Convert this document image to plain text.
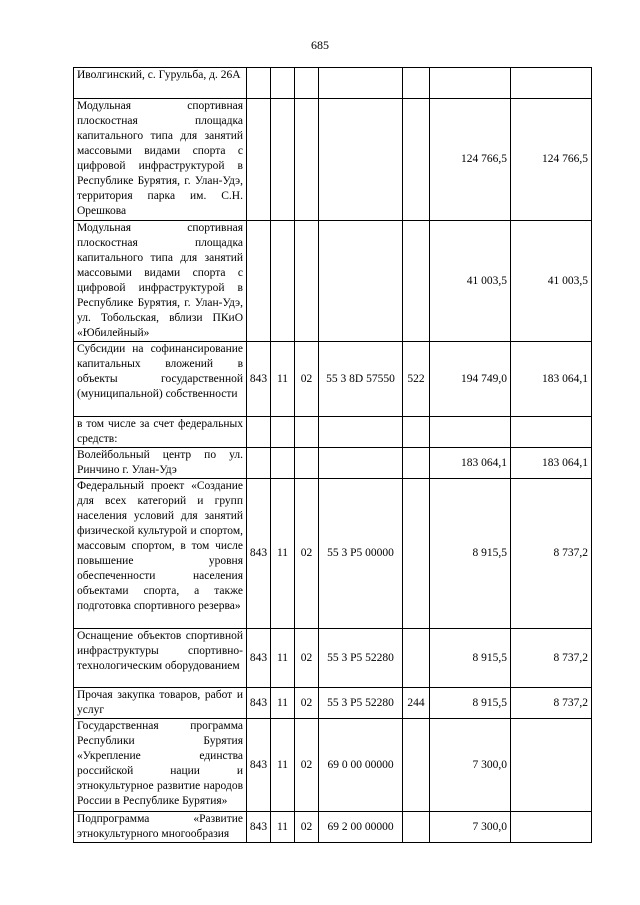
685
Иволгинский, с. Гурульба, д. 26А							
Модульная спортивная плоскостная площадка капитального типа для занятий массовыми видами спорта с цифровой инфраструктурой в Республике Бурятия, г. Улан-Удэ, территория парка им. С.Н. Орешкова						124 766,5	124 766,5
Модульная спортивная плоскостная площадка капитального типа для занятий массовыми видами спорта с цифровой инфраструктурой в Республике Бурятия, г. Улан-Удэ, ул. Тобольская, вблизи ПКиО «Юбилейный»						41 003,5	41 003,5
Субсидии на софинансирование капитальных вложений в объекты государственной (муниципальной) собственности	843	11	02	55 3 8D 57550	522	194 749,0	183 064,1
в том числе за счет федеральных средств:							
Волейбольный центр по ул. Ринчино г. Улан-Удэ						183 064,1	183 064,1
Федеральный проект «Создание для всех категорий и групп населения условий для занятий физической культурой и спортом, массовым спортом, в том числе повышение уровня обеспеченности населения объектами спорта, а также подготовка спортивного резерва»	843	11	02	55 3 Р5 00000		8 915,5	8 737,2
Оснащение объектов спортивной инфраструктуры спортивно-технологическим оборудованием	843	11	02	55 3 Р5 52280		8 915,5	8 737,2
Прочая закупка товаров, работ и услуг	843	11	02	55 3 Р5 52280	244	8 915,5	8 737,2
Государственная программа Республики Бурятия «Укрепление единства российской нации и этнокультурное развитие народов России в Республике Бурятия»	843	11	02	69 0 00 00000		7 300,0	
Подпрограмма «Развитие этнокультурного многообразия	843	11	02	69 2 00 00000		7 300,0	
